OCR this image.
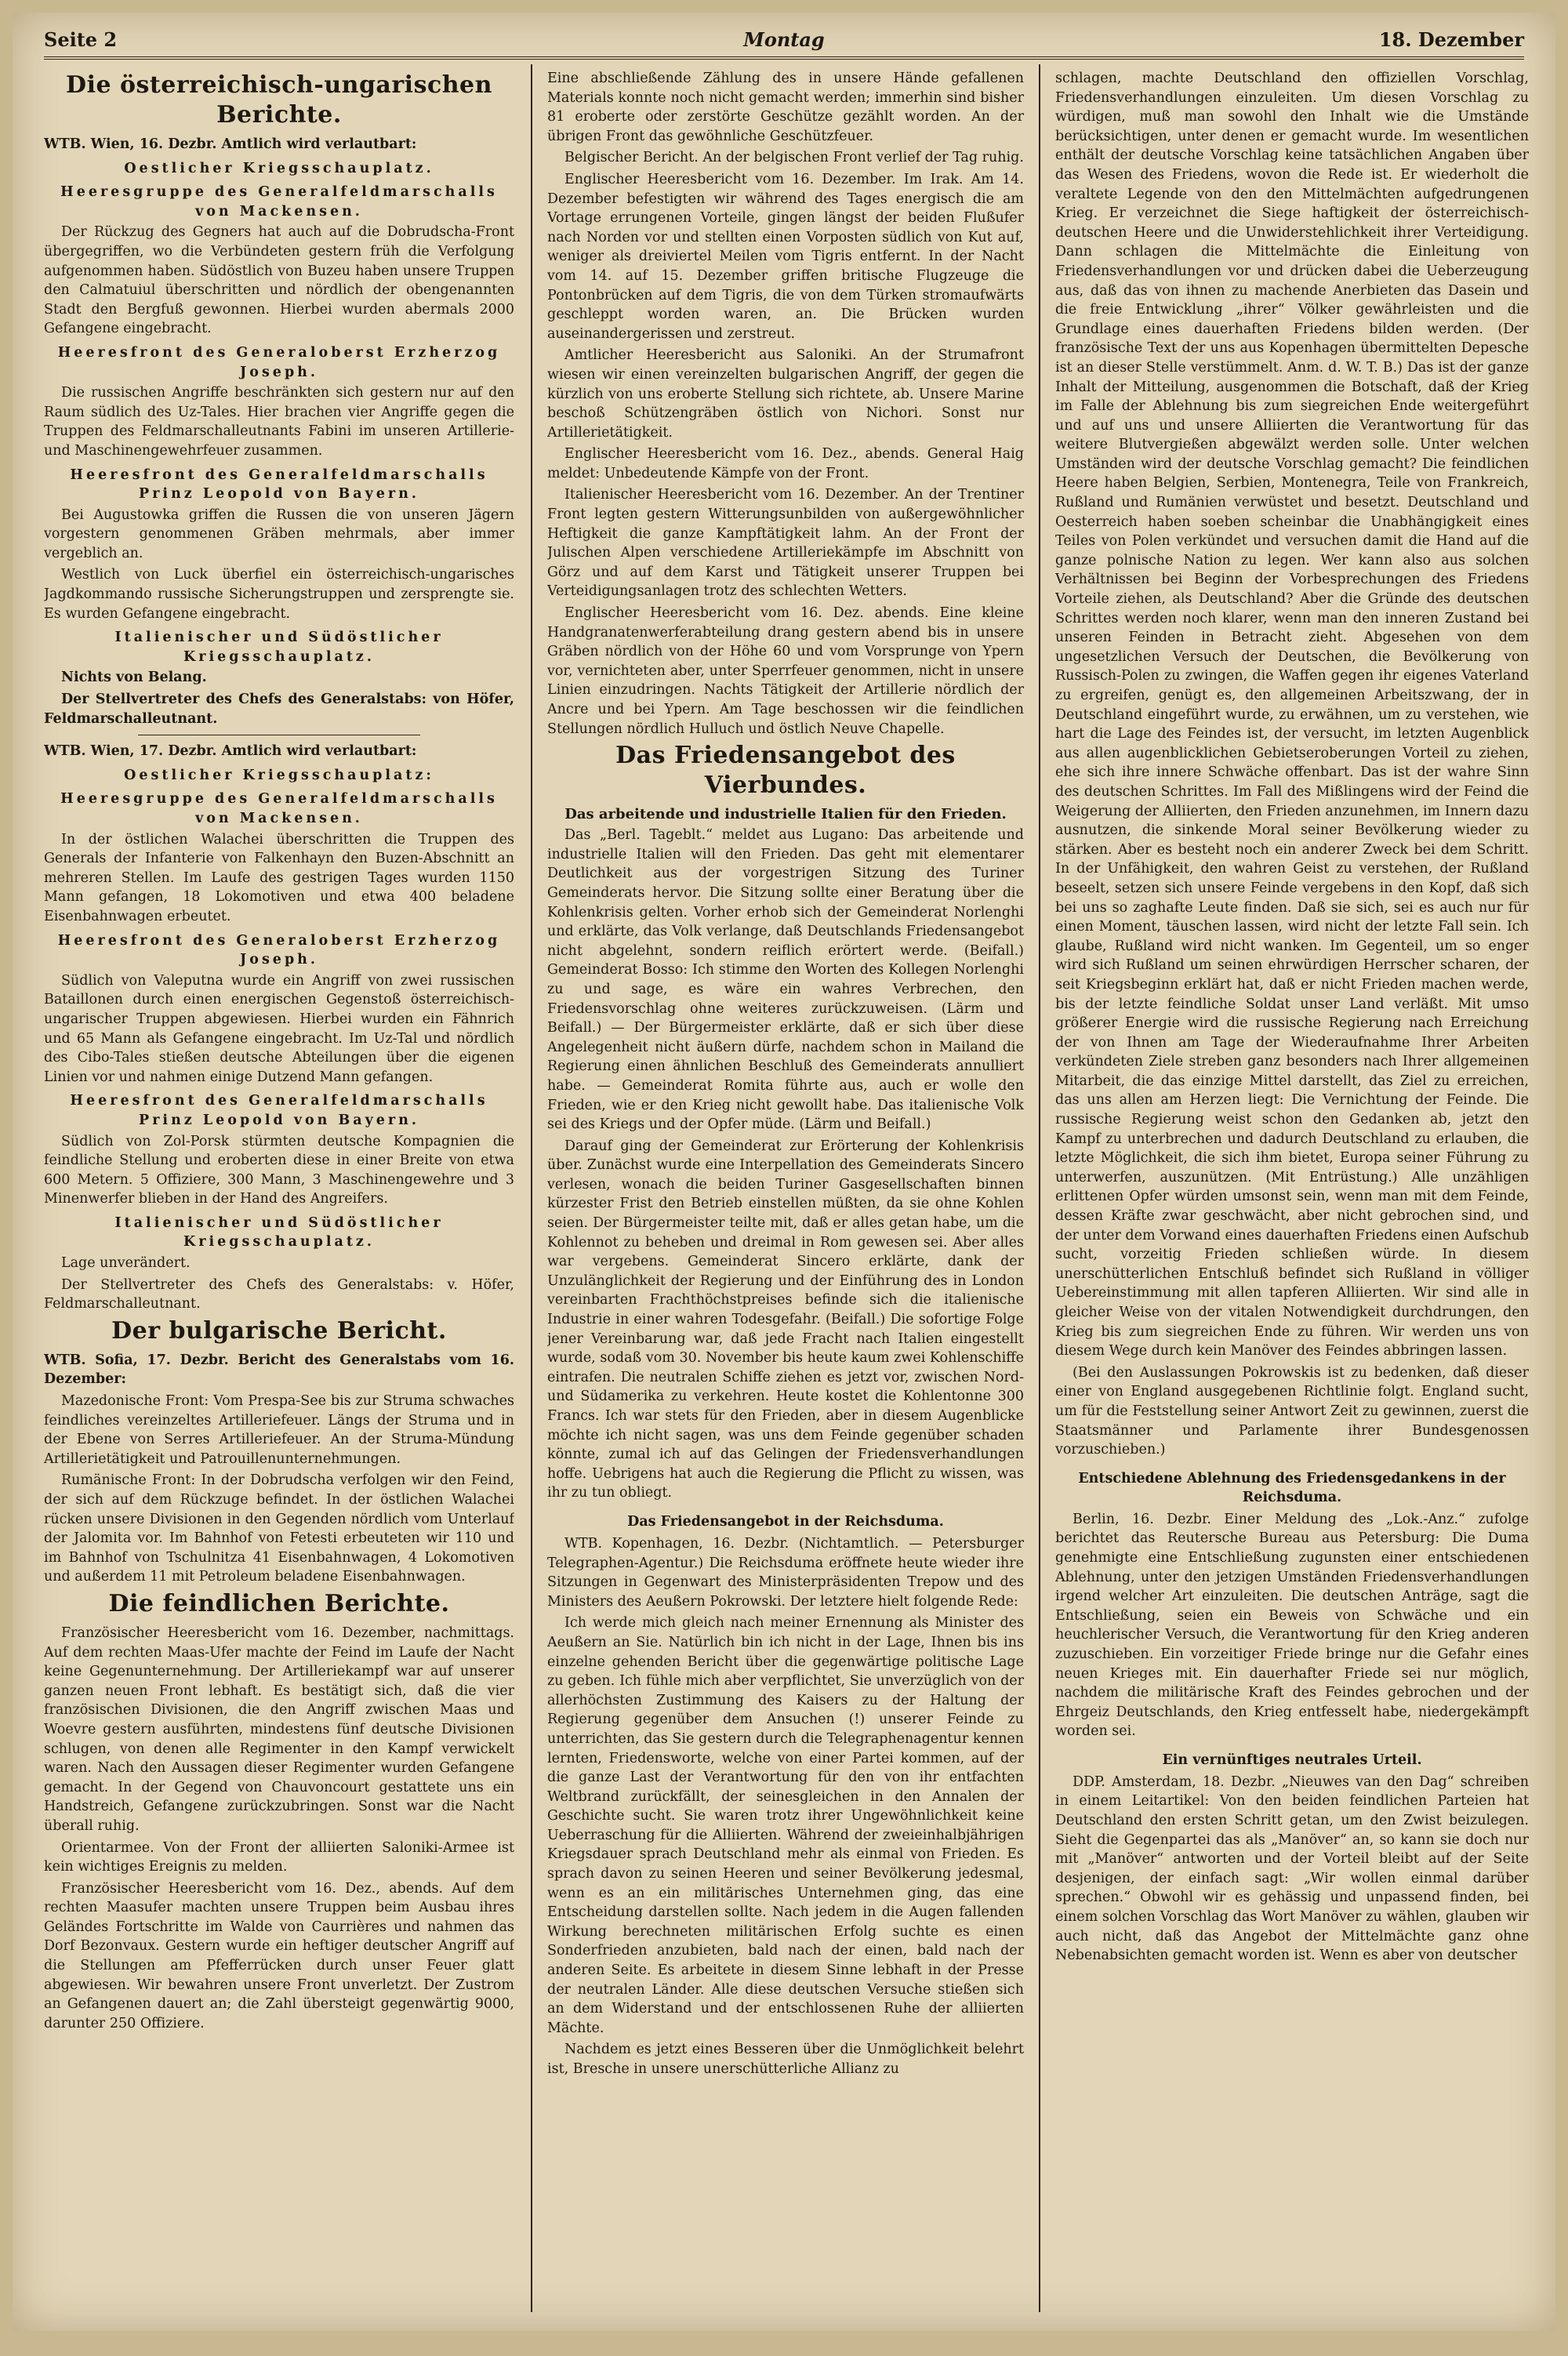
Seite 2	Montag	18. Dezember
Die österreichisch-ungarischen Berichte.

WTB. Wien, 16. Dezbr. Amtlich wird verlautbart:

Oestlicher Kriegsschauplatz.
Heeresgruppe des Generalfeldmarschalls von Mackensen.

Der Rückzug des Gegners hat auch auf die Dobrudscha-Front übergegriffen, wo die Verbündeten gestern früh die Verfolgung aufgenommen haben. Südöstlich von Buzeu haben unsere Truppen den Calmatuiul überschritten und nördlich der obengenannten Stadt den Bergfuß gewonnen. Hierbei wurden abermals 2000 Gefangene eingebracht.

Heeresfront des Generaloberst Erzherzog Joseph.

Die russischen Angriffe beschränkten sich gestern nur auf den Raum südlich des Uz-Tales. Hier brachen vier Angriffe gegen die Truppen des Feldmarschalleutnants Fabini im unseren Artillerie- und Maschinengewehrfeuer zusammen.

Heeresfront des Generalfeldmarschalls Prinz Leopold von Bayern.

Bei Augustowka griffen die Russen die von unseren Jägern vorgestern genommenen Gräben mehrmals, aber immer vergeblich an.

Westlich von Luck überfiel ein österreichisch-ungarisches Jagdkommando russische Sicherungstruppen und zersprengte sie. Es wurden Gefangene eingebracht.

Italienischer und Südöstlicher Kriegsschauplatz.

Nichts von Belang.

Der Stellvertreter des Chefs des Generalstabs: von Höfer, Feldmarschalleutnant.

WTB. Wien, 17. Dezbr. Amtlich wird verlautbart:

Oestlicher Kriegsschauplatz:
Heeresgruppe des Generalfeldmarschalls von Mackensen.

In der östlichen Walachei überschritten die Truppen des Generals der Infanterie von Falkenhayn den Buzen-Abschnitt an mehreren Stellen. Im Laufe des gestrigen Tages wurden 1150 Mann gefangen, 18 Lokomotiven und etwa 400 beladene Eisenbahnwagen erbeutet.

Heeresfront des Generaloberst Erzherzog Joseph.

Südlich von Valeputna wurde ein Angriff von zwei russischen Bataillonen durch einen energischen Gegenstoß österreichisch-ungarischer Truppen abgewiesen. Hierbei wurden ein Fähnrich und 65 Mann als Gefangene eingebracht. Im Uz-Tal und nördlich des Cibo-Tales stießen deutsche Abteilungen über die eigenen Linien vor und nahmen einige Dutzend Mann gefangen.

Heeresfront des Generalfeldmarschalls Prinz Leopold von Bayern.

Südlich von Zol-Porsk stürmten deutsche Kompagnien die feindliche Stellung und eroberten diese in einer Breite von etwa 600 Metern. 5 Offiziere, 300 Mann, 3 Maschinengewehre und 3 Minenwerfer blieben in der Hand des Angreifers.

Italienischer und Südöstlicher Kriegsschauplatz.

Lage unverändert.

Der Stellvertreter des Chefs des Generalstabs: v. Höfer, Feldmarschalleutnant.

Der bulgarische Bericht.

WTB. Sofia, 17. Dezbr. Bericht des Generalstabs vom 16. Dezember:

Mazedonische Front: Vom Prespa-See bis zur Struma schwaches feindliches vereinzeltes Artilleriefeuer. Längs der Struma und in der Ebene von Serres Artilleriefeuer. An der Struma-Mündung Artillerietätigkeit und Patrouillenunternehmungen.

Rumänische Front: In der Dobrudscha verfolgen wir den Feind, der sich auf dem Rückzuge befindet. In der östlichen Walachei rücken unsere Divisionen in den Gegenden nördlich vom Unterlauf der Jalomita vor. Im Bahnhof von Fetesti erbeuteten wir 110 und im Bahnhof von Tschulnitza 41 Eisenbahnwagen, 4 Lokomotiven und außerdem 11 mit Petroleum beladene Eisenbahnwagen.

Die feindlichen Berichte.

Französischer Heeresbericht vom 16. Dezember, nachmittags. Auf dem rechten Maas-Ufer machte der Feind im Laufe der Nacht keine Gegenunternehmung. Der Artilleriekampf war auf unserer ganzen neuen Front lebhaft. Es bestätigt sich, daß die vier französischen Divisionen, die den Angriff zwischen Maas und Woevre gestern ausführten, mindestens fünf deutsche Divisionen schlugen, von denen alle Regimenter in den Kampf verwickelt waren. Nach den Aussagen dieser Regimenter wurden Gefangene gemacht. In der Gegend von Chauvoncourt gestattete uns ein Handstreich, Gefangene zurückzubringen. Sonst war die Nacht überall ruhig.

Orientarmee. Von der Front der alliierten Saloniki-Armee ist kein wichtiges Ereignis zu melden.

Französischer Heeresbericht vom 16. Dez., abends. Auf dem rechten Maasufer machten unsere Truppen beim Ausbau ihres Geländes Fortschritte im Walde von Caurrières und nahmen das Dorf Bezonvaux. Gestern wurde ein heftiger deutscher Angriff auf die Stellungen am Pfefferrücken durch unser Feuer glatt abgewiesen. Wir bewahren unsere Front unverletzt. Der Zustrom an Gefangenen dauert an; die Zahl übersteigt gegenwärtig 9000, darunter 250 Offiziere.

Eine abschließende Zählung des in unsere Hände gefallenen Materials konnte noch nicht gemacht werden; immerhin sind bisher 81 eroberte oder zerstörte Geschütze gezählt worden. An der übrigen Front das gewöhnliche Geschützfeuer.

Belgischer Bericht. An der belgischen Front verlief der Tag ruhig.

Englischer Heeresbericht vom 16. Dezember. Im Irak. Am 14. Dezember befestigten wir während des Tages energisch die am Vortage errungenen Vorteile, gingen längst der beiden Flußufer nach Norden vor und stellten einen Vorposten südlich von Kut auf, weniger als dreiviertel Meilen vom Tigris entfernt. In der Nacht vom 14. auf 15. Dezember griffen britische Flugzeuge die Pontonbrücken auf dem Tigris, die von dem Türken stromaufwärts geschleppt worden waren, an. Die Brücken wurden auseinandergerissen und zerstreut.

Amtlicher Heeresbericht aus Saloniki. An der Strumafront wiesen wir einen vereinzelten bulgarischen Angriff, der gegen die kürzlich von uns eroberte Stellung sich richtete, ab. Unsere Marine beschoß Schützengräben östlich von Nichori. Sonst nur Artillerietätigkeit.

Englischer Heeresbericht vom 16. Dez., abends. General Haig meldet: Unbedeutende Kämpfe von der Front.

Italienischer Heeresbericht vom 16. Dezember. An der Trentiner Front legten gestern Witterungsunbilden von außergewöhnlicher Heftigkeit die ganze Kampftätigkeit lahm. An der Front der Julischen Alpen verschiedene Artilleriekämpfe im Abschnitt von Görz und auf dem Karst und Tätigkeit unserer Truppen bei Verteidigungsanlagen trotz des schlechten Wetters.

Englischer Heeresbericht vom 16. Dez. abends. Eine kleine Handgranatenwerferabteilung drang gestern abend bis in unsere Gräben nördlich von der Höhe 60 und vom Vorsprunge von Ypern vor, vernichteten aber, unter Sperrfeuer genommen, nicht in unsere Linien einzudringen. Nachts Tätigkeit der Artillerie nördlich der Ancre und bei Ypern. Am Tage beschossen wir die feindlichen Stellungen nördlich Hulluch und östlich Neuve Chapelle.

Das Friedensangebot des Vierbundes.
Das arbeitende und industrielle Italien für den Frieden.

Das „Berl. Tageblt.“ meldet aus Lugano: Das arbeitende und industrielle Italien will den Frieden. Das geht mit elementarer Deutlichkeit aus der vorgestrigen Sitzung des Turiner Gemeinderats hervor. Die Sitzung sollte einer Beratung über die Kohlenkrisis gelten. Vorher erhob sich der Gemeinderat Norlenghi und erklärte, das Volk verlange, daß Deutschlands Friedensangebot nicht abgelehnt, sondern reiflich erörtert werde. (Beifall.) Gemeinderat Bosso: Ich stimme den Worten des Kollegen Norlenghi zu und sage, es wäre ein wahres Verbrechen, den Friedensvorschlag ohne weiteres zurückzuweisen. (Lärm und Beifall.) — Der Bürgermeister erklärte, daß er sich über diese Angelegenheit nicht äußern dürfe, nachdem schon in Mailand die Regierung einen ähnlichen Beschluß des Gemeinderats annulliert habe. — Gemeinderat Romita führte aus, auch er wolle den Frieden, wie er den Krieg nicht gewollt habe. Das italienische Volk sei des Kriegs und der Opfer müde. (Lärm und Beifall.)

Darauf ging der Gemeinderat zur Erörterung der Kohlenkrisis über. Zunächst wurde eine Interpellation des Gemeinderats Sincero verlesen, wonach die beiden Turiner Gasgesellschaften binnen kürzester Frist den Betrieb einstellen müßten, da sie ohne Kohlen seien. Der Bürgermeister teilte mit, daß er alles getan habe, um die Kohlennot zu beheben und dreimal in Rom gewesen sei. Aber alles war vergebens. Gemeinderat Sincero erklärte, dank der Unzulänglichkeit der Regierung und der Einführung des in London vereinbarten Frachthöchstpreises befinde sich die italienische Industrie in einer wahren Todesgefahr. (Beifall.) Die sofortige Folge jener Vereinbarung war, daß jede Fracht nach Italien eingestellt wurde, sodaß vom 30. November bis heute kaum zwei Kohlenschiffe eintrafen. Die neutralen Schiffe ziehen es jetzt vor, zwischen Nord- und Südamerika zu verkehren. Heute kostet die Kohlentonne 300 Francs. Ich war stets für den Frieden, aber in diesem Augenblicke möchte ich nicht sagen, was uns dem Feinde gegenüber schaden könnte, zumal ich auf das Gelingen der Friedensverhandlungen hoffe. Uebrigens hat auch die Regierung die Pflicht zu wissen, was ihr zu tun obliegt.

Das Friedensangebot in der Reichsduma.

WTB. Kopenhagen, 16. Dezbr. (Nichtamtlich. — Petersburger Telegraphen-Agentur.) Die Reichsduma eröffnete heute wieder ihre Sitzungen in Gegenwart des Ministerpräsidenten Trepow und des Ministers des Aeußern Pokrowski. Der letztere hielt folgende Rede:

Ich werde mich gleich nach meiner Ernennung als Minister des Aeußern an Sie. Natürlich bin ich nicht in der Lage, Ihnen bis ins einzelne gehenden Bericht über die gegenwärtige politische Lage zu geben. Ich fühle mich aber verpflichtet, Sie unverzüglich von der allerhöchsten Zustimmung des Kaisers zu der Haltung der Regierung gegenüber dem Ansuchen (!) unserer Feinde zu unterrichten, das Sie gestern durch die Telegraphenagentur kennen lernten, Friedensworte, welche von einer Partei kommen, auf der die ganze Last der Verantwortung für den von ihr entfachten Weltbrand zurückfällt, der seinesgleichen in den Annalen der Geschichte sucht. Sie waren trotz ihrer Ungewöhnlichkeit keine Ueberraschung für die Alliierten. Während der zweieinhalbjährigen Kriegsdauer sprach Deutschland mehr als einmal von Frieden. Es sprach davon zu seinen Heeren und seiner Bevölkerung jedesmal, wenn es an ein militärisches Unternehmen ging, das eine Entscheidung darstellen sollte. Nach jedem in die Augen fallenden Wirkung berechneten militärischen Erfolg suchte es einen Sonderfrieden anzubieten, bald nach der einen, bald nach der anderen Seite. Es arbeitete in diesem Sinne lebhaft in der Presse der neutralen Länder. Alle diese deutschen Versuche stießen sich an dem Widerstand und der entschlossenen Ruhe der alliierten Mächte.

Nachdem es jetzt eines Besseren über die Unmöglichkeit belehrt ist, Bresche in unsere unerschütterliche Allianz zu

schlagen, machte Deutschland den offiziellen Vorschlag, Friedensverhandlungen einzuleiten. Um diesen Vorschlag zu würdigen, muß man sowohl den Inhalt wie die Umstände berücksichtigen, unter denen er gemacht wurde. Im wesentlichen enthält der deutsche Vorschlag keine tatsächlichen Angaben über das Wesen des Friedens, wovon die Rede ist. Er wiederholt die veraltete Legende von den den Mittelmächten aufgedrungenen Krieg. Er verzeichnet die Siege haftigkeit der österreichisch-deutschen Heere und die Unwiderstehlichkeit ihrer Verteidigung. Dann schlagen die Mittelmächte die Einleitung von Friedensverhandlungen vor und drücken dabei die Ueberzeugung aus, daß das von ihnen zu machende Anerbieten das Dasein und die freie Entwicklung „ihrer“ Völker gewährleisten und die Grundlage eines dauerhaften Friedens bilden werden. (Der französische Text der uns aus Kopenhagen übermittelten Depesche ist an dieser Stelle verstümmelt. Anm. d. W. T. B.) Das ist der ganze Inhalt der Mitteilung, ausgenommen die Botschaft, daß der Krieg im Falle der Ablehnung bis zum siegreichen Ende weitergeführt und auf uns und unsere Alliierten die Verantwortung für das weitere Blutvergießen abgewälzt werden solle. Unter welchen Umständen wird der deutsche Vorschlag gemacht? Die feindlichen Heere haben Belgien, Serbien, Montenegra, Teile von Frankreich, Rußland und Rumänien verwüstet und besetzt. Deutschland und Oesterreich haben soeben scheinbar die Unabhängigkeit eines Teiles von Polen verkündet und versuchen damit die Hand auf die ganze polnische Nation zu legen. Wer kann also aus solchen Verhältnissen bei Beginn der Vorbesprechungen des Friedens Vorteile ziehen, als Deutschland? Aber die Gründe des deutschen Schrittes werden noch klarer, wenn man den inneren Zustand bei unseren Feinden in Betracht zieht. Abgesehen von dem ungesetzlichen Versuch der Deutschen, die Bevölkerung von Russisch-Polen zu zwingen, die Waffen gegen ihr eigenes Vaterland zu ergreifen, genügt es, den allgemeinen Arbeitszwang, der in Deutschland eingeführt wurde, zu erwähnen, um zu verstehen, wie hart die Lage des Feindes ist, der versucht, im letzten Augenblick aus allen augenblicklichen Gebietseroberungen Vorteil zu ziehen, ehe sich ihre innere Schwäche offenbart. Das ist der wahre Sinn des deutschen Schrittes. Im Fall des Mißlingens wird der Feind die Weigerung der Alliierten, den Frieden anzunehmen, im Innern dazu ausnutzen, die sinkende Moral seiner Bevölkerung wieder zu stärken. Aber es besteht noch ein anderer Zweck bei dem Schritt. In der Unfähigkeit, den wahren Geist zu verstehen, der Rußland beseelt, setzen sich unsere Feinde vergebens in den Kopf, daß sich bei uns so zaghafte Leute finden. Daß sie sich, sei es auch nur für einen Moment, täuschen lassen, wird nicht der letzte Fall sein. Ich glaube, Rußland wird nicht wanken. Im Gegenteil, um so enger wird sich Rußland um seinen ehrwürdigen Herrscher scharen, der seit Kriegsbeginn erklärt hat, daß er nicht Frieden machen werde, bis der letzte feindliche Soldat unser Land verläßt. Mit umso größerer Energie wird die russische Regierung nach Erreichung der von Ihnen am Tage der Wiederaufnahme Ihrer Arbeiten verkündeten Ziele streben ganz besonders nach Ihrer allgemeinen Mitarbeit, die das einzige Mittel darstellt, das Ziel zu erreichen, das uns allen am Herzen liegt: Die Vernichtung der Feinde. Die russische Regierung weist schon den Gedanken ab, jetzt den Kampf zu unterbrechen und dadurch Deutschland zu erlauben, die letzte Möglichkeit, die sich ihm bietet, Europa seiner Führung zu unterwerfen, auszunützen. (Mit Entrüstung.) Alle unzähligen erlittenen Opfer würden umsonst sein, wenn man mit dem Feinde, dessen Kräfte zwar geschwächt, aber nicht gebrochen sind, und der unter dem Vorwand eines dauerhaften Friedens einen Aufschub sucht, vorzeitig Frieden schließen würde. In diesem unerschütterlichen Entschluß befindet sich Rußland in völliger Uebereinstimmung mit allen tapferen Alliierten. Wir sind alle in gleicher Weise von der vitalen Notwendigkeit durchdrungen, den Krieg bis zum siegreichen Ende zu führen. Wir werden uns von diesem Wege durch kein Manöver des Feindes abbringen lassen.

(Bei den Auslassungen Pokrowskis ist zu bedenken, daß dieser einer von England ausgegebenen Richtlinie folgt. England sucht, um für die Feststellung seiner Antwort Zeit zu gewinnen, zuerst die Staatsmänner und Parlamente ihrer Bundesgenossen vorzuschieben.)

Entschiedene Ablehnung des Friedensgedankens in der Reichsduma.

Berlin, 16. Dezbr. Einer Meldung des „Lok.-Anz.“ zufolge berichtet das Reutersche Bureau aus Petersburg: Die Duma genehmigte eine Entschließung zugunsten einer entschiedenen Ablehnung, unter den jetzigen Umständen Friedensverhandlungen irgend welcher Art einzuleiten. Die deutschen Anträge, sagt die Entschließung, seien ein Beweis von Schwäche und ein heuchlerischer Versuch, die Verantwortung für den Krieg anderen zuzuschieben. Ein vorzeitiger Friede bringe nur die Gefahr eines neuen Krieges mit. Ein dauerhafter Friede sei nur möglich, nachdem die militärische Kraft des Feindes gebrochen und der Ehrgeiz Deutschlands, den Krieg entfesselt habe, niedergekämpft worden sei.

Ein vernünftiges neutrales Urteil.

DDP. Amsterdam, 18. Dezbr. „Nieuwes van den Dag“ schreiben in einem Leitartikel: Von den beiden feindlichen Parteien hat Deutschland den ersten Schritt getan, um den Zwist beizulegen. Sieht die Gegenpartei das als „Manöver“ an, so kann sie doch nur mit „Manöver“ antworten und der Vorteil bleibt auf der Seite desjenigen, der einfach sagt: „Wir wollen einmal darüber sprechen.“ Obwohl wir es gehässig und unpassend finden, bei einem solchen Vorschlag das Wort Manöver zu wählen, glauben wir auch nicht, daß das Angebot der Mittelmächte ganz ohne Nebenabsichten gemacht worden ist. Wenn es aber von deutscher
